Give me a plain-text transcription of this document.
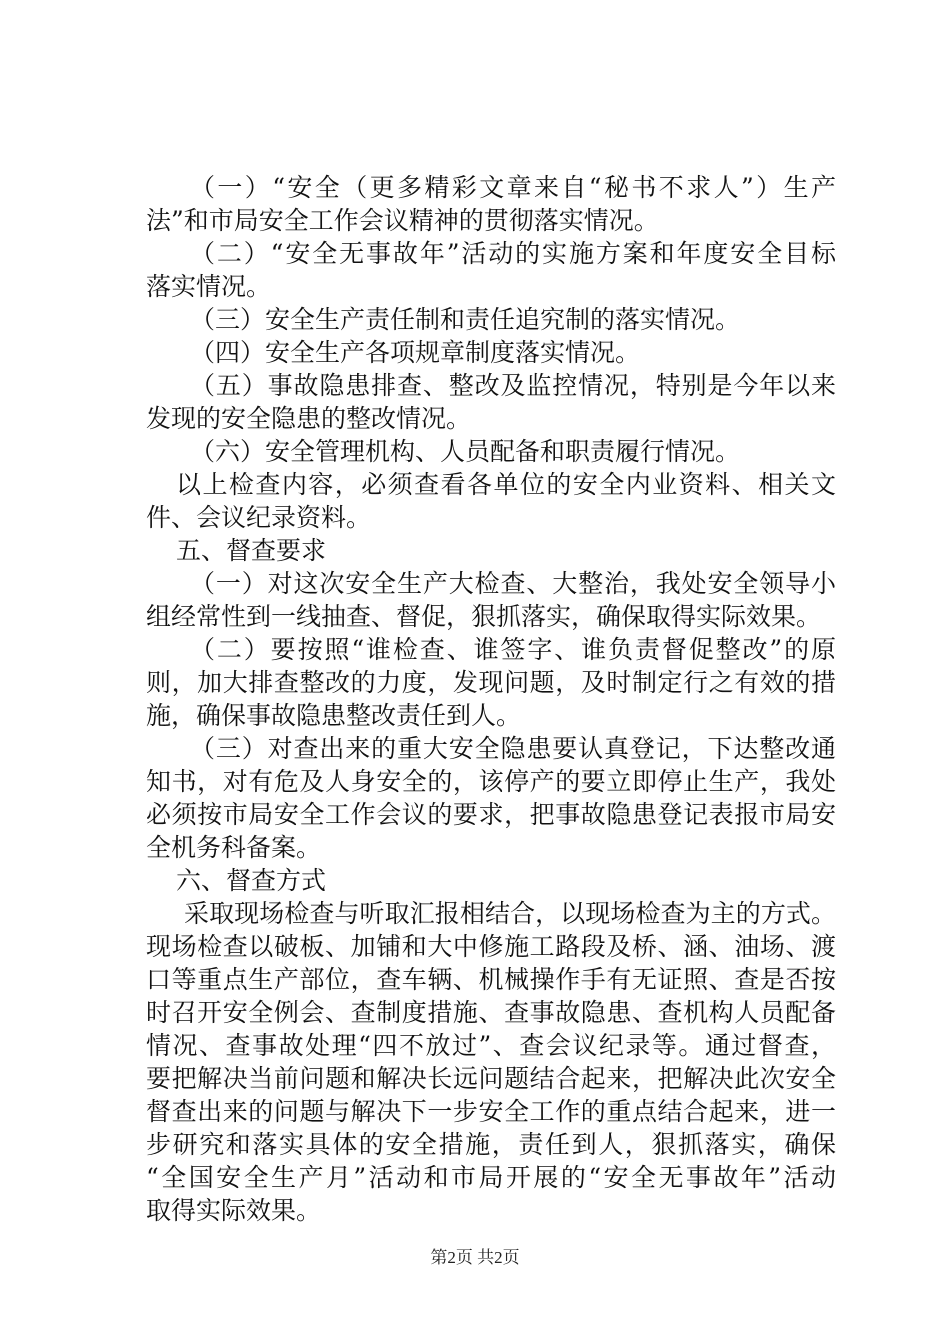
（一）“安全（更多精彩文章来自“秘书不求人”）生产
法”和市局安全工作会议精神的贯彻落实情况。
（二）“安全无事故年”活动的实施方案和年度安全目标
落实情况。
（三）安全生产责任制和责任追究制的落实情况。
（四）安全生产各项规章制度落实情况。
（五）事故隐患排查、整改及监控情况，特别是今年以来
发现的安全隐患的整改情况。
（六）安全管理机构、人员配备和职责履行情况。
以上检查内容，必须查看各单位的安全内业资料、相关文
件、会议纪录资料。
五、督查要求
（一）对这次安全生产大检查、大整治，我处安全领导小
组经常性到一线抽查、督促，狠抓落实，确保取得实际效果。
（二）要按照“谁检查、谁签字、谁负责督促整改”的原
则，加大排查整改的力度，发现问题，及时制定行之有效的措
施，确保事故隐患整改责任到人。
（三）对查出来的重大安全隐患要认真登记，下达整改通
知书，对有危及人身安全的，该停产的要立即停止生产，我处
必须按市局安全工作会议的要求，把事故隐患登记表报市局安
全机务科备案。
六、督查方式
采取现场检查与听取汇报相结合，以现场检查为主的方式。
现场检查以破板、加铺和大中修施工路段及桥、涵、油场、渡
口等重点生产部位，查车辆、机械操作手有无证照、查是否按
时召开安全例会、查制度措施、查事故隐患、查机构人员配备
情况、查事故处理“四不放过”、查会议纪录等。通过督查，
要把解决当前问题和解决长远问题结合起来，把解决此次安全
督查出来的问题与解决下一步安全工作的重点结合起来，进一
步研究和落实具体的安全措施，责任到人，狠抓落实，确保
“全国安全生产月”活动和市局开展的“安全无事故年”活动
取得实际效果。
第2页 共2页
